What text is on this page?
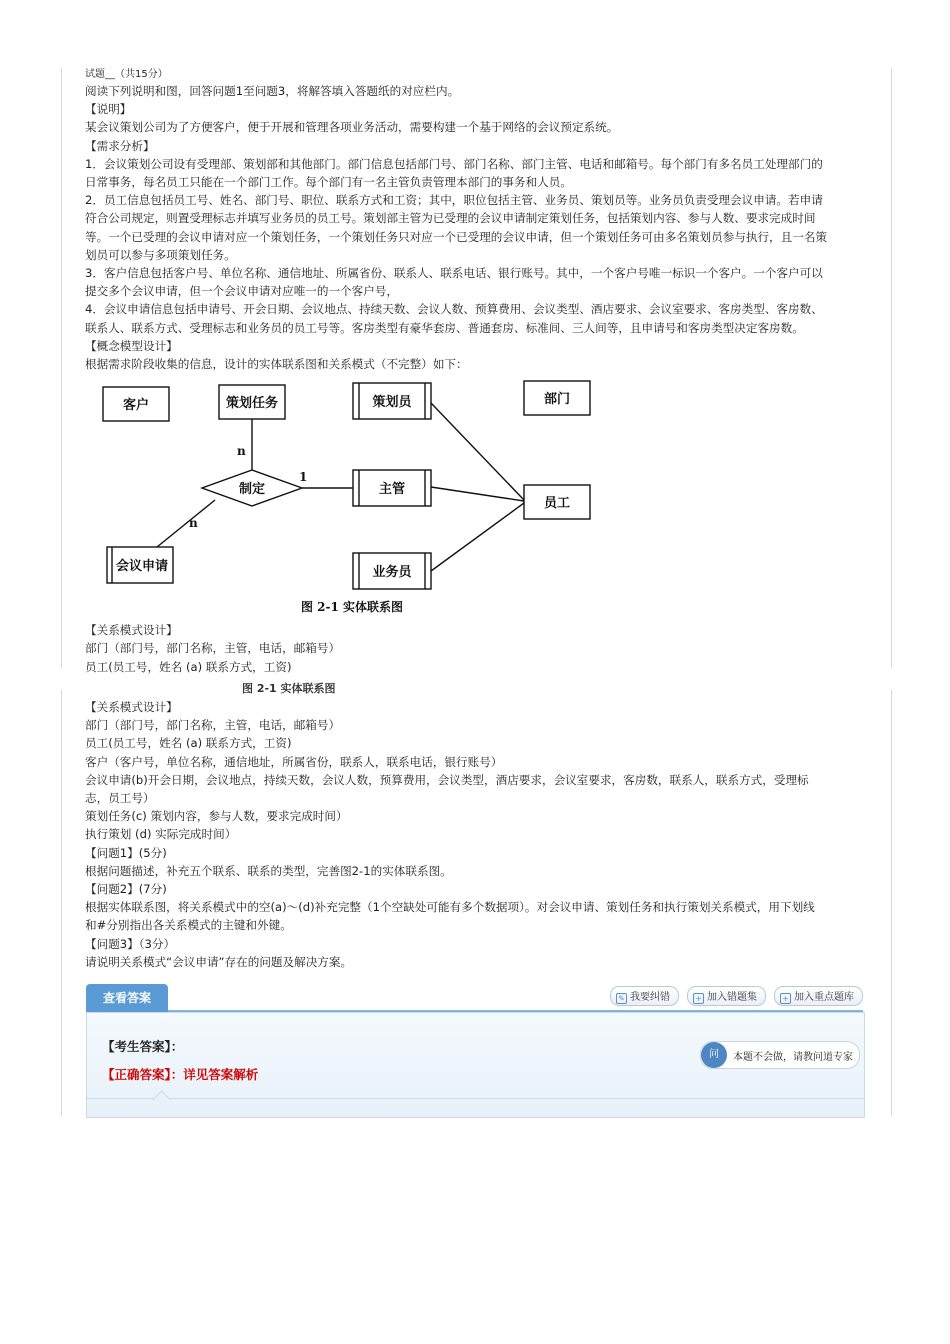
试题__（共15分）

阅读下列说明和图，回答问题1至问题3，将解答填入答题纸的对应栏内。

【说明】

某会议策划公司为了方便客户，便于开展和管理各项业务活动，需要构建一个基于网络的会议预定系统。

【需求分析】

1．会议策划公司设有受理部、策划部和其他部门。部门信息包括部门号、部门名称、部门主管、电话和邮箱号。每个部门有多名员工处理部门的

日常事务，每名员工只能在一个部门工作。每个部门有一名主管负责管理本部门的事务和人员。

2．员工信息包括员工号、姓名、部门号、职位、联系方式和工资；其中，职位包括主管、业务员、策划员等。业务员负责受理会议申请。若申请

符合公司规定，则置受理标志并填写业务员的员工号。策划部主管为已受理的会议申请制定策划任务，包括策划内容、参与人数、要求完成时间

等。一个已受理的会议申请对应一个策划任务，一个策划任务只对应一个已受理的会议申请，但一个策划任务可由多名策划员参与执行，且一名策

划员可以参与多项策划任务。

3．客户信息包括客户号、单位名称、通信地址、所属省份、联系人、联系电话、银行账号。其中，一个客户号唯一标识一个客户。一个客户可以

提交多个会议申请，但一个会议申请对应唯一的一个客户号，

4．会议申请信息包括申请号、开会日期、会议地点、持续天数、会议人数、预算费用、会议类型、酒店要求、会议室要求、客房类型、客房数、

联系人、联系方式、受理标志和业务员的员工号等。客房类型有豪华套房、普通套房、标准间、三人间等，且申请号和客房类型决定客房数。

【概念模型设计】

根据需求阶段收集的信息，设计的实体联系图和关系模式（不完整）如下：

客户	策划任务	策划员	部门
主管
员工
会议申请	业务员
制定
n
1
n
图 2-1 实体联系图

【关系模式设计】

部门（部门号，部门名称，主管，电话，邮箱号）

员工(员工号，姓名 (a) 联系方式，工资)

图 2-1 实体联系图

【关系模式设计】

部门（部门号，部门名称，主管，电话，邮箱号）

员工(员工号，姓名 (a) 联系方式，工资)

客户（客户号，单位名称，通信地址，所属省份，联系人，联系电话，银行账号）

会议申请(b)开会日期，会议地点，持续天数，会议人数，预算费用，会议类型，酒店要求，会议室要求，客房数，联系人，联系方式，受理标

志，员工号）

策划任务(c) 策划内容，参与人数，要求完成时间）

执行策划 (d) 实际完成时间）

【问题1】(5分)

根据问题描述，补充五个联系、联系的类型，完善图2-1的实体联系图。

【问题2】(7分)

根据实体联系图，将关系模式中的空(a)～(d)补充完整（1个空缺处可能有多个数据项）。对会议申请、策划任务和执行策划关系模式，用下划线

和#分别指出各关系模式的主键和外键。

【问题3】（3分）

请说明关系模式“会议申请”存在的问题及解决方案。

查看答案	✎ 我要纠错	+ 加入错题集	+ 加入重点题库
【考生答案】：
【正确答案】：详见答案解析
问	本题不会做，请教问道专家
